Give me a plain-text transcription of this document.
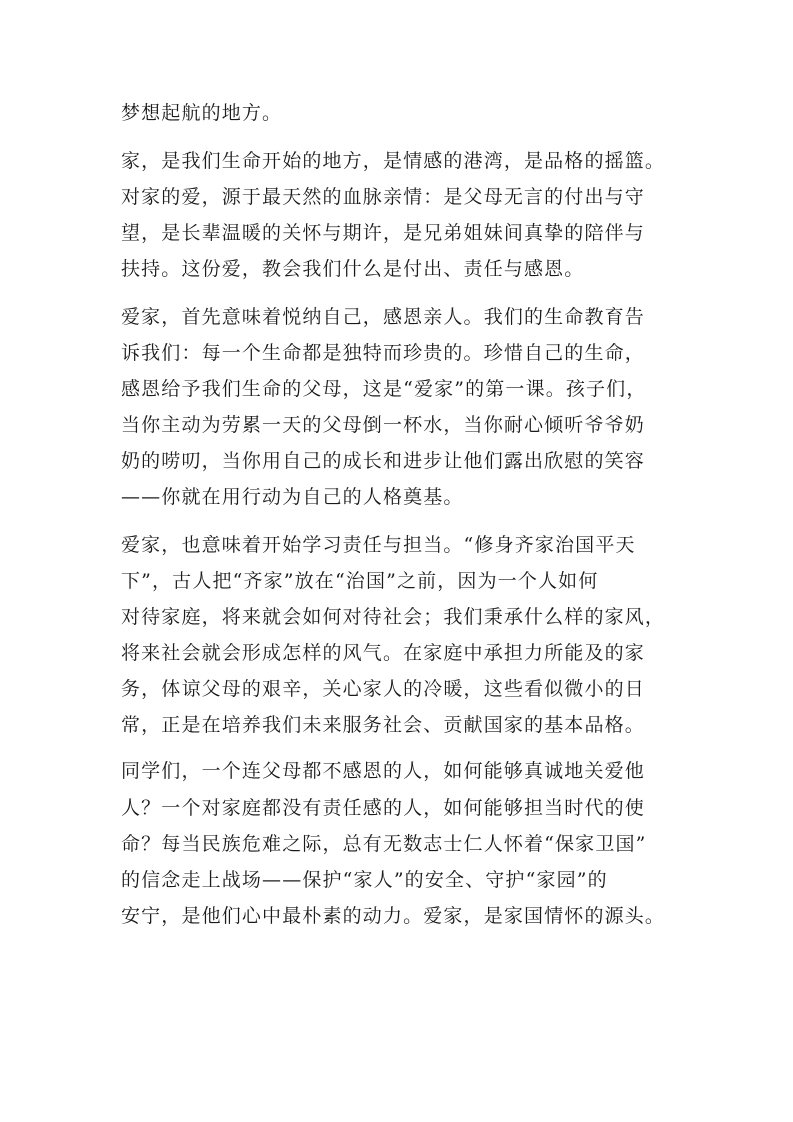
梦想起航的地方。
家，是我们生命开始的地方，是情感的港湾，是品格的摇篮。
对家的爱，源于最天然的血脉亲情：是父母无言的付出与守
望，是长辈温暖的关怀与期许，是兄弟姐妹间真挚的陪伴与
扶持。这份爱，教会我们什么是付出、责任与感恩。
爱家，首先意味着悦纳自己，感恩亲人。我们的生命教育告
诉我们：每一个生命都是独特而珍贵的。珍惜自己的生命，
感恩给予我们生命的父母，这是“爱家”的第一课。孩子们，
当你主动为劳累一天的父母倒一杯水，当你耐心倾听爷爷奶
奶的唠叨，当你用自己的成长和进步让他们露出欣慰的笑容
——你就在用行动为自己的人格奠基。
爱家，也意味着开始学习责任与担当。“修身齐家治国平天
下”，古人把“齐家”放在“治国”之前，因为一个人如何
对待家庭，将来就会如何对待社会；我们秉承什么样的家风，
将来社会就会形成怎样的风气。在家庭中承担力所能及的家
务，体谅父母的艰辛，关心家人的冷暖，这些看似微小的日
常，正是在培养我们未来服务社会、贡献国家的基本品格。
同学们，一个连父母都不感恩的人，如何能够真诚地关爱他
人？一个对家庭都没有责任感的人，如何能够担当时代的使
命？每当民族危难之际，总有无数志士仁人怀着“保家卫国”
的信念走上战场——保护“家人”的安全、守护“家园”的
安宁，是他们心中最朴素的动力。爱家，是家国情怀的源头。
